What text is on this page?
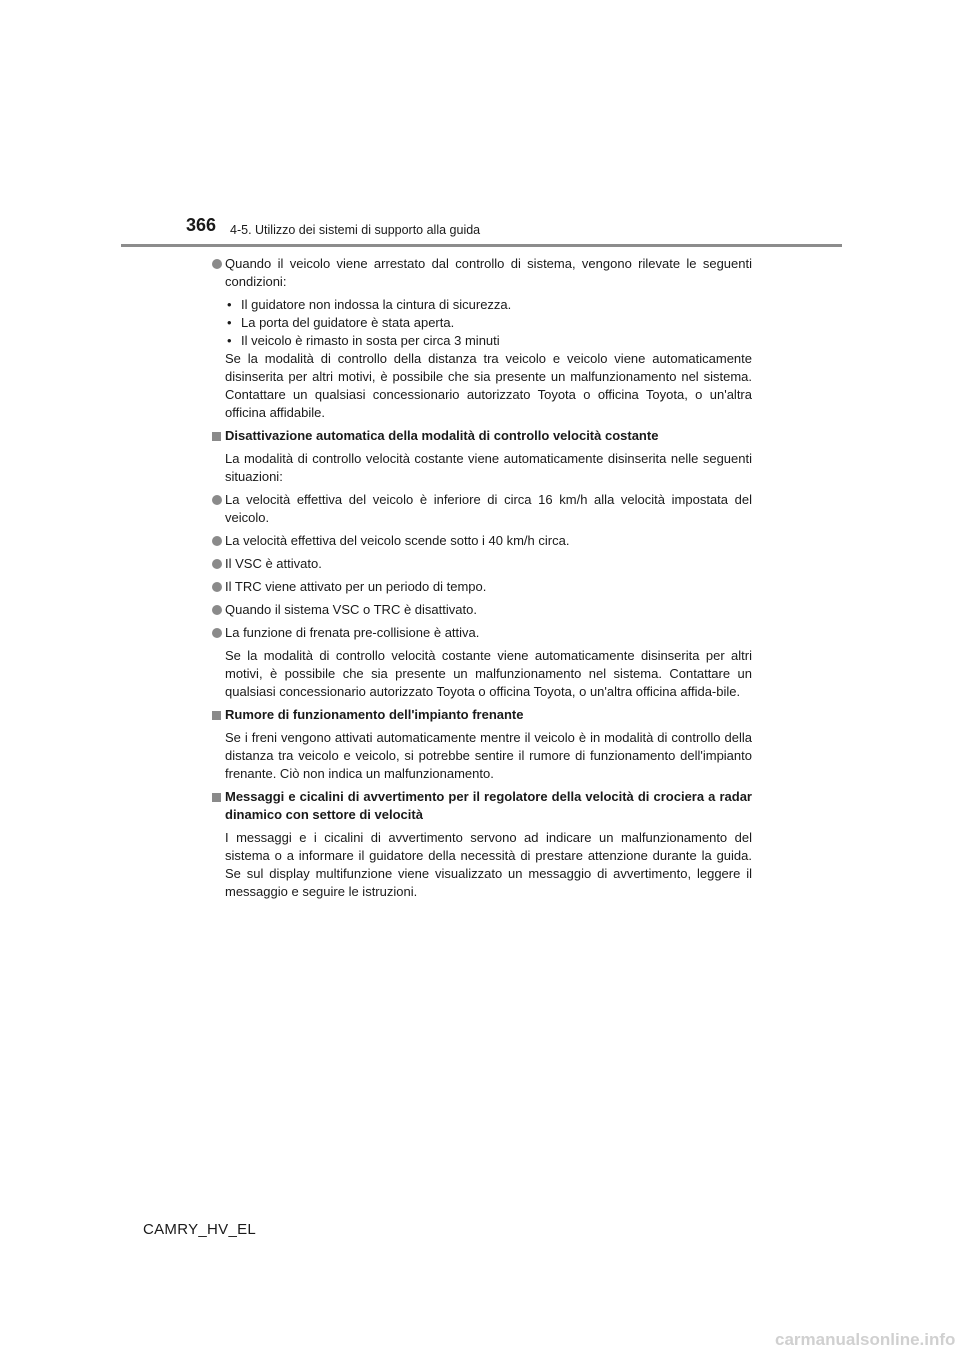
366 4-5. Utilizzo dei sistemi di supporto alla guida
Quando il veicolo viene arrestato dal controllo di sistema, vengono rilevate le seguenti condizioni:
• Il guidatore non indossa la cintura di sicurezza.
• La porta del guidatore è stata aperta.
• Il veicolo è rimasto in sosta per circa 3 minuti
Se la modalità di controllo della distanza tra veicolo e veicolo viene automaticamente disinserita per altri motivi, è possibile che sia presente un malfunzionamento nel sistema. Contattare un qualsiasi concessionario autorizzato Toyota o officina Toyota, o un'altra officina affidabile.
Disattivazione automatica della modalità di controllo velocità costante
La modalità di controllo velocità costante viene automaticamente disinserita nelle seguenti situazioni:
La velocità effettiva del veicolo è inferiore di circa 16 km/h alla velocità impostata del veicolo.
La velocità effettiva del veicolo scende sotto i 40 km/h circa.
Il VSC è attivato.
Il TRC viene attivato per un periodo di tempo.
Quando il sistema VSC o TRC è disattivato.
La funzione di frenata pre-collisione è attiva.
Se la modalità di controllo velocità costante viene automaticamente disinserita per altri motivi, è possibile che sia presente un malfunzionamento nel sistema. Contattare un qualsiasi concessionario autorizzato Toyota o officina Toyota, o un'altra officina affida-bile.
Rumore di funzionamento dell'impianto frenante
Se i freni vengono attivati automaticamente mentre il veicolo è in modalità di controllo della distanza tra veicolo e veicolo, si potrebbe sentire il rumore di funzionamento dell'impianto frenante. Ciò non indica un malfunzionamento.
Messaggi e cicalini di avvertimento per il regolatore della velocità di crociera a radar dinamico con settore di velocità
I messaggi e i cicalini di avvertimento servono ad indicare un malfunzionamento del sistema o a informare il guidatore della necessità di prestare attenzione durante la guida. Se sul display multifunzione viene visualizzato un messaggio di avvertimento, leggere il messaggio e seguire le istruzioni.
CAMRY_HV_EL
carmanualsonline.info
